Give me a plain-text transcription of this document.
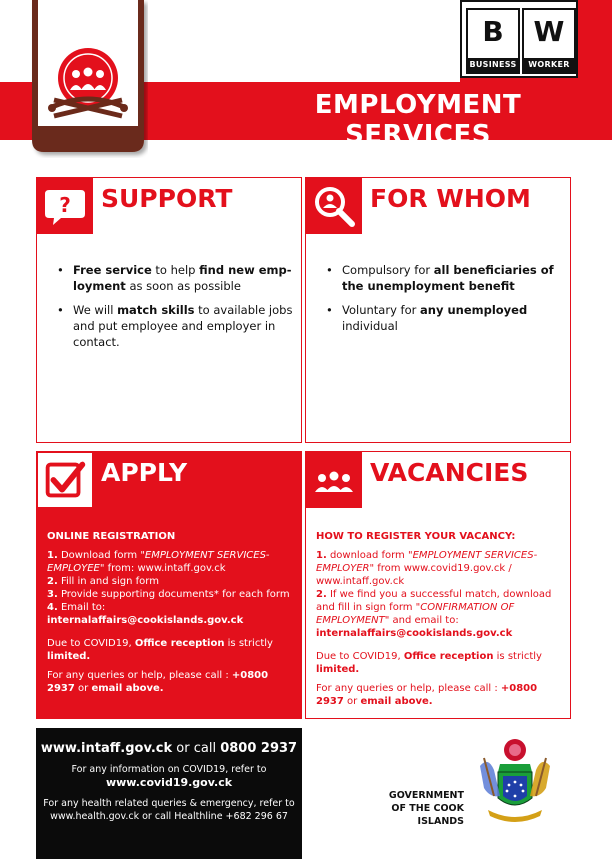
EMPLOYMENT SERVICES
B
BUSINESS
W
WORKER
? SUPPORT
• Free service to help find new employment as soon as possible
• We will match skills to available jobs and put employee and employer in contact.
FOR WHOM
• Compulsory for all beneficiaries of the unemployment benefit
• Voluntary for any unemployed individual
APPLY
ONLINE REGISTRATION

1. Download form "EMPLOYMENT SERVICES-EMPLOYEE" from: www.intaff.gov.ck

2. Fill in and sign form

3. Provide supporting documents* for each form

4. Email to: internalaffairs@cookislands.gov.ck

Due to COVID19, Office reception is strictly limited.

For any queries or help, please call : +0800 2937 or email above.

VACANCIES
HOW TO REGISTER YOUR VACANCY:

1. download form "EMPLOYMENT SERVICES-EMPLOYER" from www.covid19.gov.ck / www.intaff.gov.ck

2. If we find you a successful match, download and fill in sign form "CONFIRMATION OF EMPLOYMENT" and email to: internalaffairs@cookislands.gov.ck

Due to COVID19, Office reception is strictly limited.

For any queries or help, please call : +0800 2937 or email above.

www.intaff.gov.ck or call 0800 2937
For any information on COVID19, refer to
www.covid19.gov.ck
For any health related queries & emergency, refer to
www.health.gov.ck or call Healthline +682 296 67
GOVERNMENT
OF THE COOK ISLANDS
